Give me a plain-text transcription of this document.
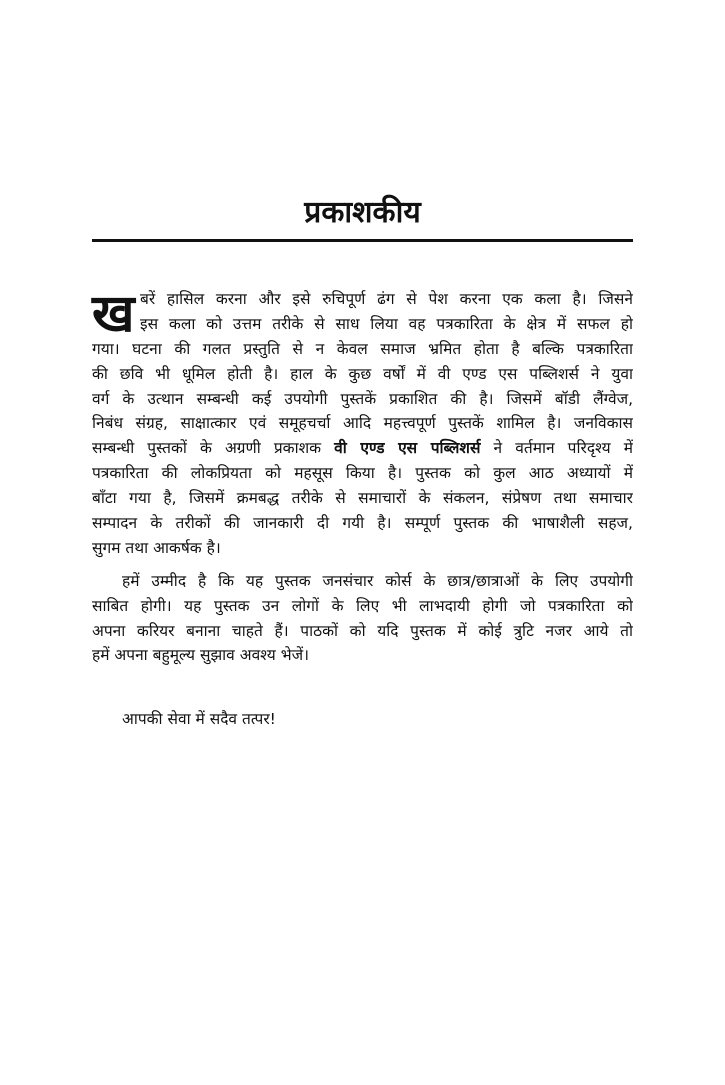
प्रकाशकीय
ख बरें हासिल करना और इसे रुचिपूर्ण ढंग से पेश करना एक कला है। जिसने
इस कला को उत्तम तरीके से साध लिया वह पत्रकारिता के क्षेत्र में सफल हो
गया। घटना की गलत प्रस्तुति से न केवल समाज भ्रमित होता है बल्कि पत्रकारिता
की छवि भी धूमिल होती है। हाल के कुछ वर्षों में वी एण्ड एस पब्लिशर्स ने युवा
वर्ग के उत्थान सम्बन्धी कई उपयोगी पुस्तकें प्रकाशित की है। जिसमें बॉडी लैंग्वेज,
निबंध संग्रह, साक्षात्कार एवं समूहचर्चा आदि महत्त्वपूर्ण पुस्तकें शामिल है। जनविकास
सम्बन्धी पुस्तकों के अग्रणी प्रकाशक वी एण्ड एस पब्लिशर्स ने वर्तमान परिदृश्य में
पत्रकारिता की लोकप्रियता को महसूस किया है। पुस्तक को कुल आठ अध्यायों में
बाँटा गया है, जिसमें क्रमबद्ध तरीके से समाचारों के संकलन, संप्रेषण तथा समाचार
सम्पादन के तरीकों की जानकारी दी गयी है। सम्पूर्ण पुस्तक की भाषाशैली सहज,
सुगम तथा आकर्षक है।
हमें उम्मीद है कि यह पुस्तक जनसंचार कोर्स के छात्र/छात्राओं के लिए उपयोगी
साबित होगी। यह पुस्तक उन लोगों के लिए भी लाभदायी होगी जो पत्रकारिता को
अपना करियर बनाना चाहते हैं। पाठकों को यदि पुस्तक में कोई त्रुटि नजर आये तो
हमें अपना बहुमूल्य सुझाव अवश्य भेजें।
आपकी सेवा में सदैव तत्पर!
